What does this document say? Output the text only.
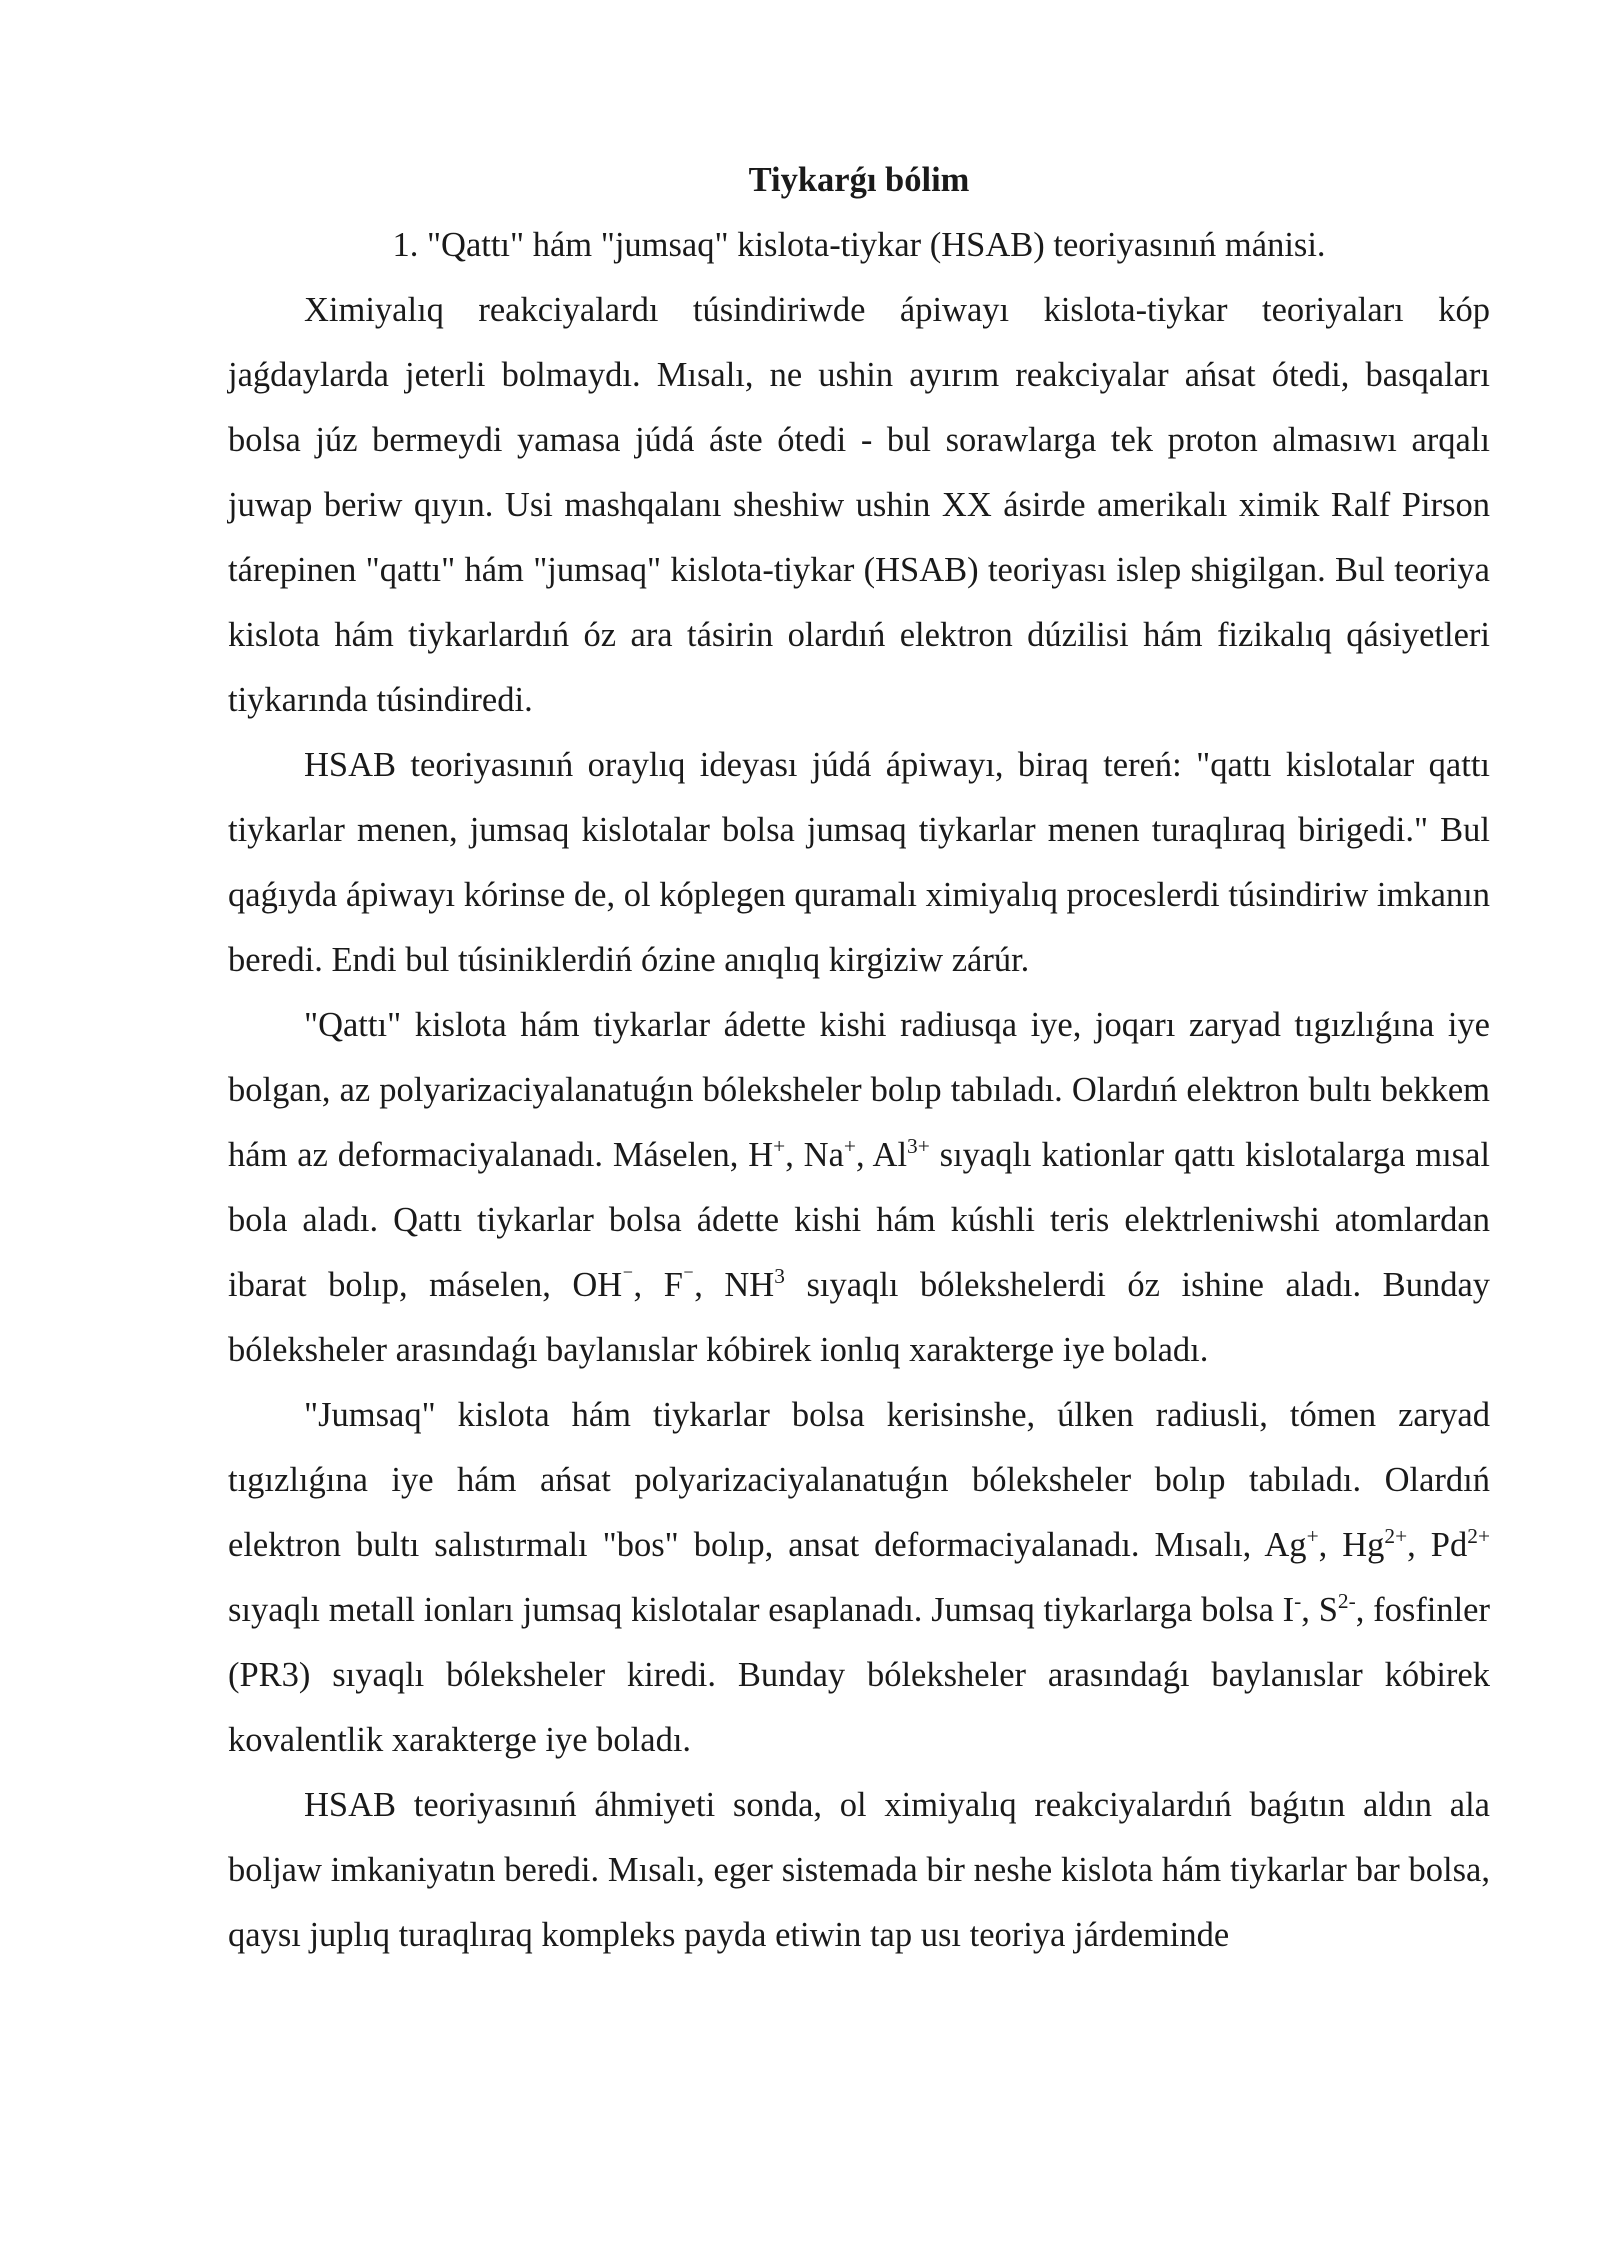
Tiykarǵı bólim

1. "Qattı" hám "jumsaq" kislota-tiykar (HSAB) teoriyasınıń mánisi.

Ximiyalıq reakciyalardı túsindiriwde ápiwayı kislota-tiykar teoriyaları kóp jaǵdaylarda jeterli bolmaydı. Mısalı, ne ushin ayırım reakciyalar ańsat ótedi, basqaları bolsa júz bermeydi yamasa júdá áste ótedi - bul sorawlarga tek proton almasıwı arqalı juwap beriw qıyın. Usi mashqalanı sheshiw ushin XX ásirde amerikalı ximik Ralf Pirson tárepinen "qattı" hám "jumsaq" kislota-tiykar (HSAB) teoriyası islep shigilgan. Bul teoriya kislota hám tiykarlardıń óz ara tásirin olardıń elektron dúzilisi hám fizikalıq qásiyetleri tiykarında túsindiredi.

HSAB teoriyasınıń oraylıq ideyası júdá ápiwayı, biraq tereń: "qattı kislotalar qattı tiykarlar menen, jumsaq kislotalar bolsa jumsaq tiykarlar menen turaqlıraq birigedi." Bul qaǵıyda ápiwayı kórinse de, ol kóplegen quramalı ximiyalıq proceslerdi túsindiriw imkanın beredi. Endi bul túsiniklerdiń ózine anıqlıq kirgiziw zárúr.

"Qattı" kislota hám tiykarlar ádette kishi radiusqa iye, joqarı zaryad tıgızlıǵına iye bolgan, az polyarizaciyalanatuǵın bóleksheler bolıp tabıladı. Olardıń elektron bultı bekkem hám az deformaciyalanadı. Máselen, H+, Na+, $Al^{3+}$ sıyaqlı kationlar qattı kislotalarga mısal bola aladı. Qattı tiykarlar bolsa ádette kishi hám kúshli teris elektrleniwshi atomlardan ibarat bolıp, máselen, OH⁻, F⁻, $NH^3$ sıyaqlı bólekshelerdi óz ishine aladı. Bunday bóleksheler arasındaǵı baylanıslar kóbirek ionlıq xarakterge iye boladı.

"Jumsaq" kislota hám tiykarlar bolsa kerisinshe, úlken radiusli, tómen zaryad tıgızlıǵına iye hám ańsat polyarizaciyalanatuǵın bóleksheler bolıp tabıladı. Olardıń elektron bultı salıstırmalı "bos" bolıp, ansat deformaciyalanadı. Mısalı, Ag+, $Hg^{2+}$, $Pd^{2+}$ sıyaqlı metall ionları jumsaq kislotalar esaplanadı. Jumsaq tiykarlarga bolsa I-, $S^{2-}$, fosfinler (PR3) sıyaqlı bóleksheler kiredi. Bunday bóleksheler arasındaǵı baylanıslar kóbirek kovalentlik xarakterge iye boladı.

HSAB teoriyasınıń áhmiyeti sonda, ol ximiyalıq reakciyalardıń baǵıtın aldın ala boljaw imkaniyatın beredi. Mısalı, eger sistemada bir neshe kislota hám tiykarlar bar bolsa, qaysı juplıq turaqlıraq kompleks payda etiwin tap usı teoriya járdeminde
